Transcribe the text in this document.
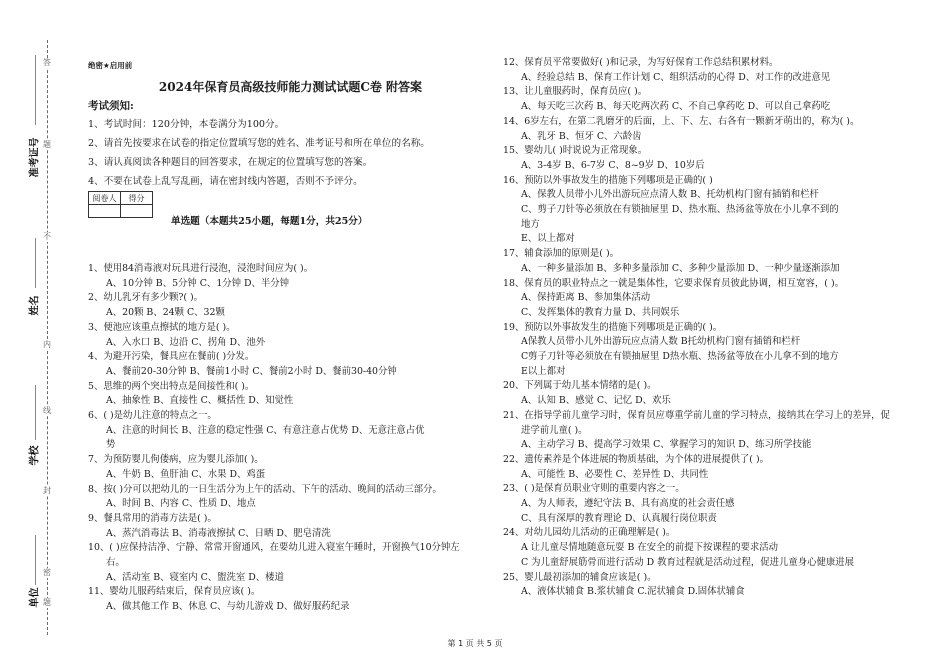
答
题
不
内
线
封
密
题
准考证号
姓名
学校
单位
绝密★启用前
2024年保育员高级技师能力测试试题C卷 附答案
考试须知:
1、考试时间：120分钟，本卷满分为100分。
2、请首先按要求在试卷的指定位置填写您的姓名、准考证号和所在单位的名称。
3、请认真阅读各种题目的回答要求，在规定的位置填写您的答案。
4、不要在试卷上乱写乱画，请在密封线内答题，否则不予评分。
阅卷人	得分

单选题（本题共25小题，每题1分，共25分）
1、使用84消毒液对玩具进行浸泡，浸泡时间应为( )。
A、10分钟 B、5分钟 C、1分钟 D、半分钟
2、幼儿乳牙有多少颗?( )。
A、20颗 B、24颗 C、32颗
3、便池应该重点擦拭的地方是( )。
A、入水口 B、边沿 C、拐角 D、池外
4、为避开污染，餐具应在餐前( )分发。
A、餐前20-30分钟 B、餐前1小时 C、餐前2小时 D、餐前30-40分钟
5、思维的两个突出特点是间接性和( )。
A、抽象性 B、直接性 C、概括性 D、知觉性
6、( )是幼儿注意的特点之一。
A、注意的时间长 B、注意的稳定性强 C、有意注意占优势 D、无意注意占优
势
7、为预防婴儿佝偻病，应为婴儿添加( )。
A、牛奶 B、鱼肝油 C、水果 D、鸡蛋
8、按( )分可以把幼儿的一日生活分为上午的活动、下午的活动、晚间的活动三部分。
A、时间 B、内容 C、性质 D、地点
9、餐具常用的消毒方法是( )。
A、蒸汽消毒法 B、消毒液擦拭 C、日晒 D、肥皂清洗
10、( )应保持洁净、宁静、常常开窗通风，在要幼儿进入寝室午睡时，开窗换气10分钟左
右。
A、活动室 B、寝室内 C、盥洗室 D、楼道
11、婴幼儿服药结束后，保育员应该( )。
A、做其他工作 B、休息 C、与幼儿游戏 D、做好服药纪录
12、保育员平常要做好( )和记录，为写好保育工作总结积累材料。
A、经验总结 B、保育工作计划 C、组织活动的心得 D、对工作的改进意见
13、让儿童服药时，保育员应( )。
A、每天吃三次药 B、每天吃两次药 C、不自己拿药吃 D、可以自己拿药吃
14、6岁左右，在第二乳磨牙的后面，上、下、左、右各有一颗新牙萌出的，称为( )。
A、乳牙 B、恒牙 C、六龄齿
15、婴幼儿( )时说说为正常现象。
A、3-4岁 B、6-7岁 C、8~9岁 D、10岁后
16、预防以外事故发生的措施下列哪项是正确的( )
A、保教人员带小儿外出游玩应点清人数 B、托幼机构门窗有插销和栏杆
C、剪子刀针等必须放在有锁抽屉里 D、热水瓶、热汤盆等放在小儿拿不到的
地方
E、以上都对
17、辅食添加的原则是( )。
A、一种多量添加 B、多种多量添加 C、多种少量添加 D、一种少量逐渐添加
18、保育员的职业特点之一就是集体性，它要求保育员彼此协调，相互宽容，( )。
A、保持距离 B、参加集体活动
C、发挥集体的教育力量 D、共同娱乐
19、预防以外事故发生的措施下列哪项是正确的( )。
A保教人员带小儿外出游玩应点清人数 B托幼机构门窗有插销和栏杆
C剪子刀针等必须放在有锁抽屉里 D热水瓶、热汤盆等放在小儿拿不到的地方
E以上都对
20、下列属于幼儿基本情绪的是( )。
A、认知 B、感觉 C、记忆 D、欢乐
21、在指导学前儿童学习时，保育员应尊重学前儿童的学习特点，接纳其在学习上的差异，促
进学前儿童( )。
A、主动学习 B、提高学习效果 C、掌握学习的知识 D、练习所学技能
22、遗传素养是个体进展的物质基础，为个体的进展提供了( )。
A、可能性 B、必要性 C、差异性 D、共同性
23、( )是保育员职业守则的重要内容之一。
A、为人师表，遵纪守法 B、具有高度的社会责任感
C、具有深厚的教育理论 D、认真履行岗位职责
24、对幼儿园幼儿活动的正确理解是( )。
A 让儿童尽情地随意玩耍 B 在安全的前提下按课程的要求活动
C 为儿童舒展筋骨而进行活动 D 教育过程就是活动过程，促进儿童身心健康进展
25、婴儿最初添加的辅食应该是( )。
A、液体状辅食 B.浆状辅食 C.泥状辅食 D.固体状辅食
第 1 页 共 5 页
